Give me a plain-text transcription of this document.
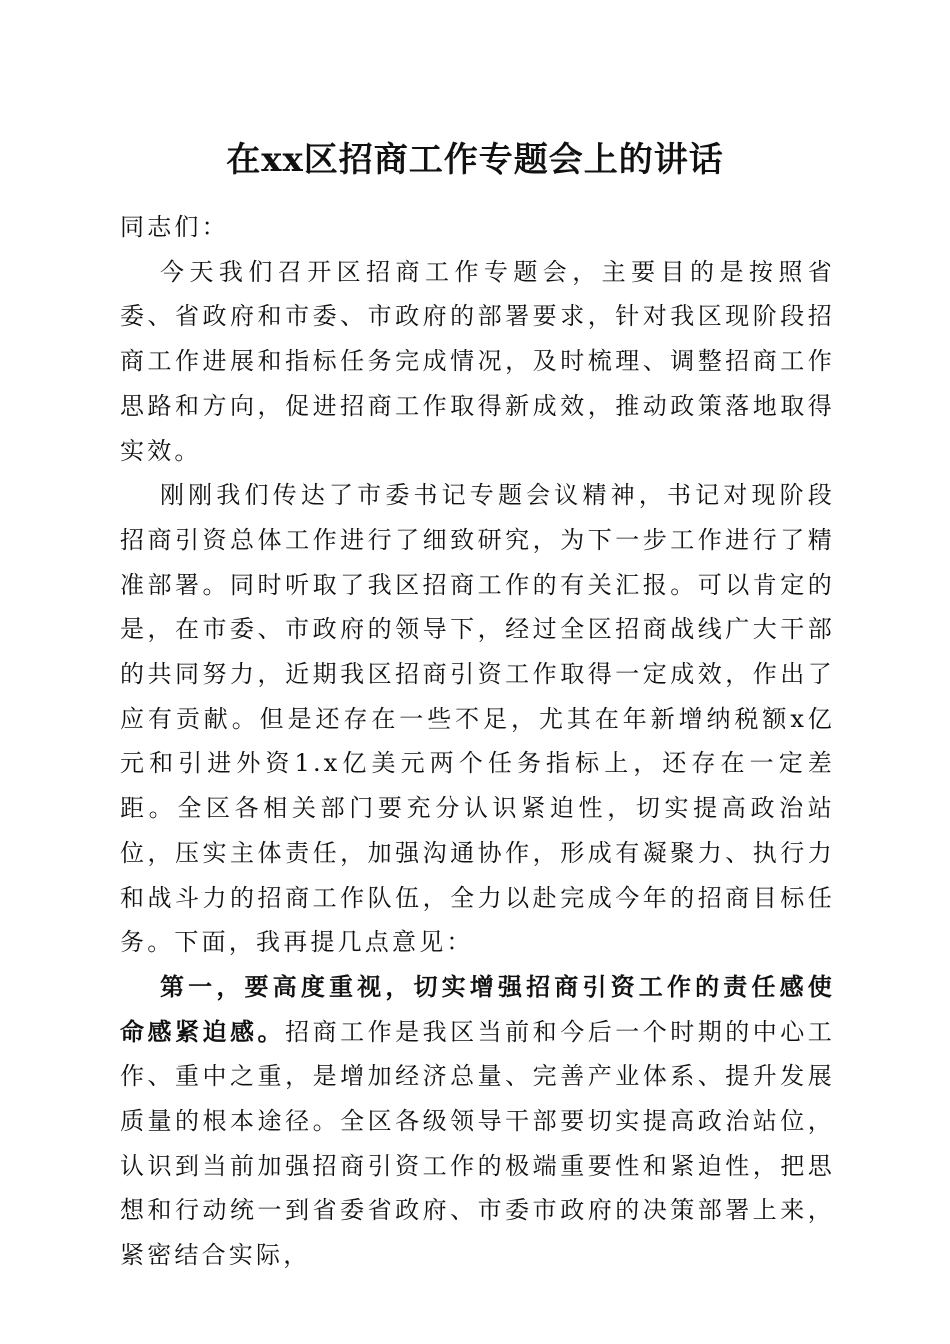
在xx区招商工作专题会上的讲话

同志们：

今天我们召开区招商工作专题会，主要目的是按照省委、省政府和市委、市政府的部署要求，针对我区现阶段招商工作进展和指标任务完成情况，及时梳理、调整招商工作思路和方向，促进招商工作取得新成效，推动政策落地取得实效。

刚刚我们传达了市委书记专题会议精神，书记对现阶段招商引资总体工作进行了细致研究，为下一步工作进行了精准部署。同时听取了我区招商工作的有关汇报。可以肯定的是，在市委、市政府的领导下，经过全区招商战线广大干部的共同努力，近期我区招商引资工作取得一定成效，作出了应有贡献。但是还存在一些不足，尤其在年新增纳税额x亿元和引进外资1.x亿美元两个任务指标上，还存在一定差距。全区各相关部门要充分认识紧迫性，切实提高政治站位，压实主体责任，加强沟通协作，形成有凝聚力、执行力和战斗力的招商工作队伍，全力以赴完成今年的招商目标任务。下面，我再提几点意见：

第一，要高度重视，切实增强招商引资工作的责任感使命感紧迫感。招商工作是我区当前和今后一个时期的中心工作、重中之重，是增加经济总量、完善产业体系、提升发展质量的根本途径。全区各级领导干部要切实提高政治站位，认识到当前加强招商引资工作的极端重要性和紧迫性，把思想和行动统一到省委省政府、市委市政府的决策部署上来，紧密结合实际，
